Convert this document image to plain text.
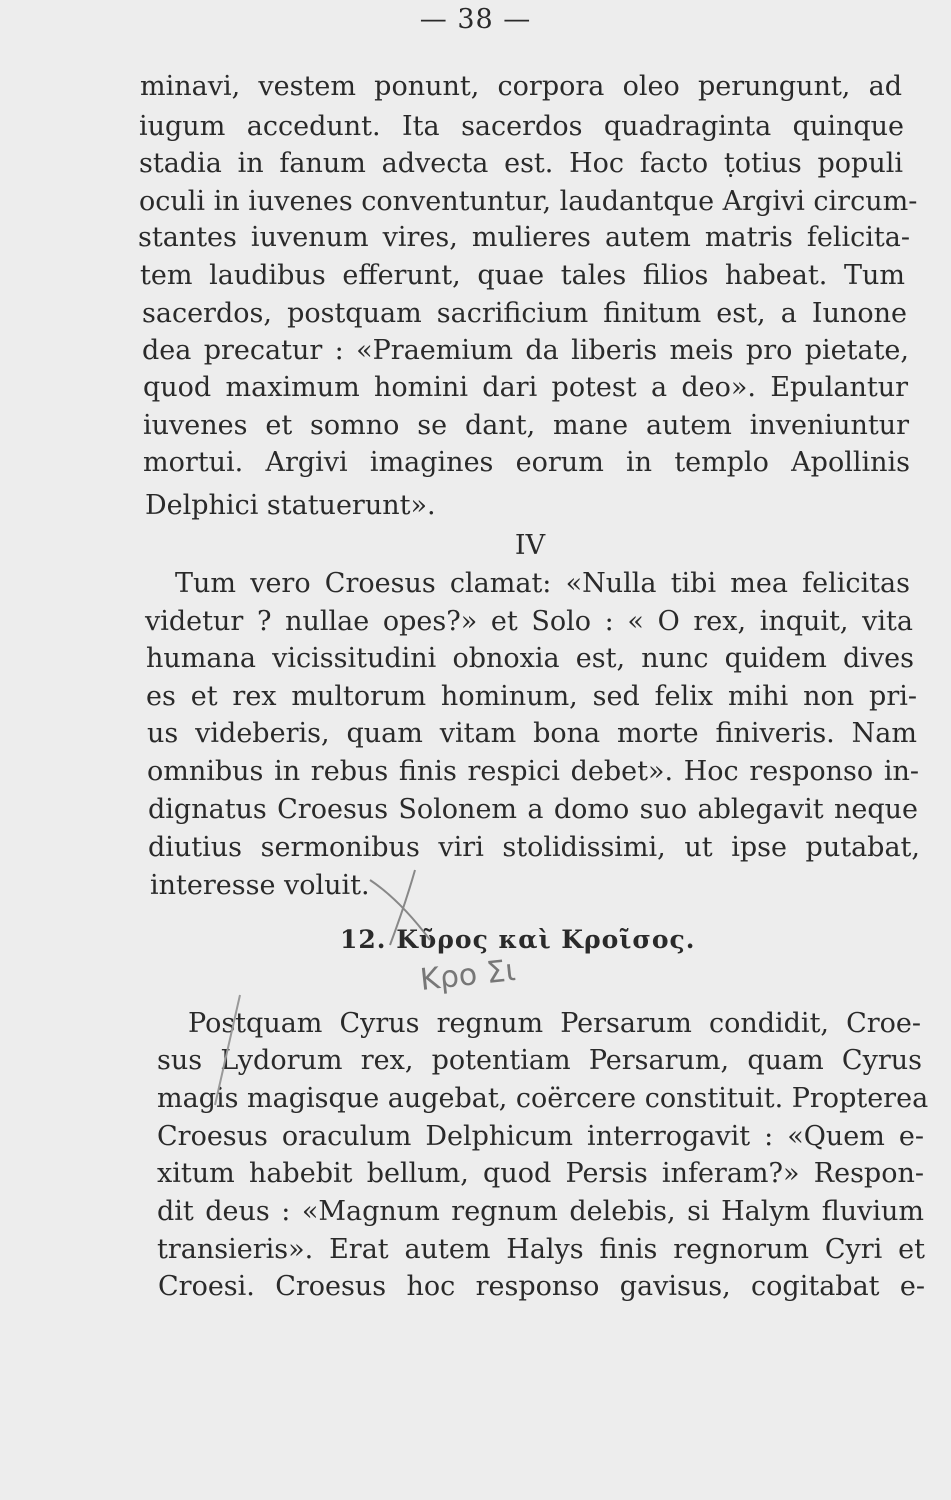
— 38 —
minavi, vestem ponunt, corpora oleo perungunt, ad
iugum accedunt. Ita sacerdos quadraginta quinque
stadia in fanum advecta est. Hoc facto ṭotius populi
oculi in iuvenes conventuntur, laudantque Argivi circum-
stantes iuvenum vires, mulieres autem matris felicita-
tem laudibus efferunt, quae tales filios habeat. Tum
sacerdos, postquam sacrificium finitum est, a Iunone
dea precatur : «Praemium da liberis meis pro pietate,
quod maximum homini dari potest a deo». Epulantur
iuvenes et somno se dant, mane autem inveniuntur
mortui. Argivi imagines eorum in templo Apollinis
Delphici statuerunt».
IV
Tum vero Croesus clamat: «Nulla tibi mea felicitas
videtur ? nullae opes?» et Solo : « O rex, inquit, vita
humana vicissitudini obnoxia est, nunc quidem dives
es et rex multorum hominum, sed felix mihi non pri-
us videberis, quam vitam bona morte finiveris. Nam
omnibus in rebus finis respici debet». Hoc responso in-
dignatus Croesus Solonem a domo suo ablegavit neque
diutius sermonibus viri stolidissimi, ut ipse putabat,
interesse voluit.
12. Κῦρος καὶ Κροῖσος.
Κρο Σι
Postquam Cyrus regnum Persarum condidit, Croe-
sus Lydorum rex, potentiam Persarum, quam Cyrus
magis magisque augebat, coërcere constituit. Propterea
Croesus oraculum Delphicum interrogavit : «Quem e-
xitum habebit bellum, quod Persis inferam?» Respon-
dit deus : «Magnum regnum delebis, si Halym fluvium
transieris». Erat autem Halys finis regnorum Cyri et
Croesi. Croesus hoc responso gavisus, cogitabat e-
